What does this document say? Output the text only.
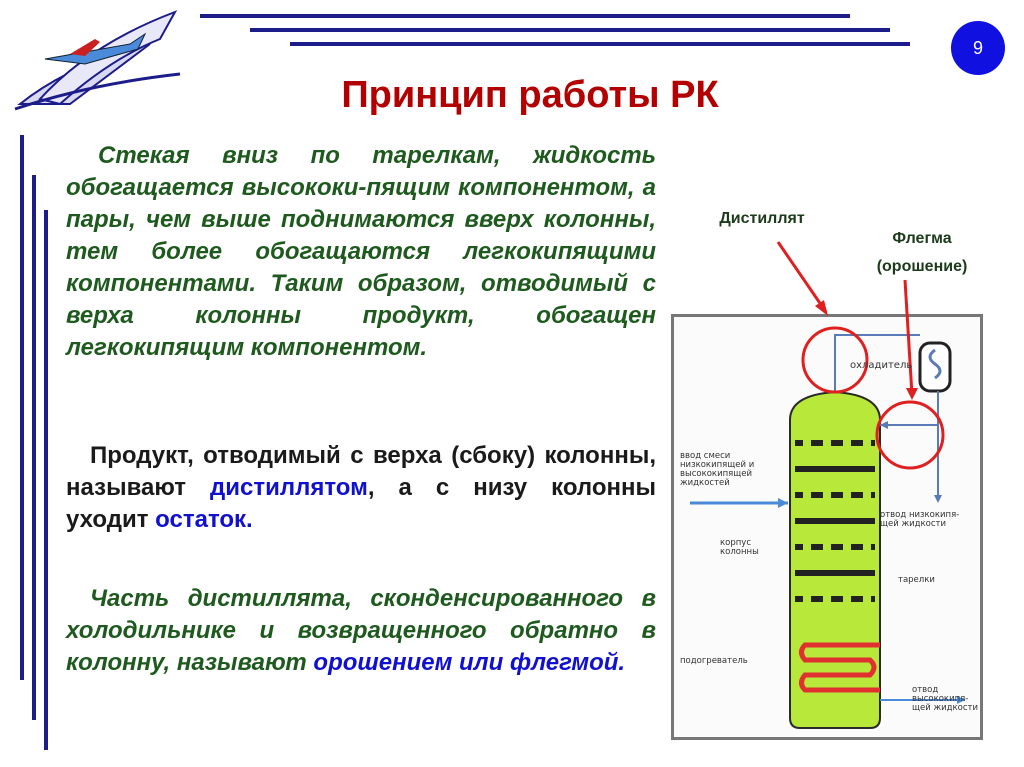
9
Принцип работы РК
Стекая вниз по тарелкам, жидкость обогащается высококи-пящим компонентом, а пары, чем выше поднимаются вверх колонны, тем более обогащаются легкокипящими компонентами. Таким образом, отводимый с верха колонны продукт, обогащен легкокипящим компонентом.
Продукт, отводимый с верха (сбоку) колонны, называют дистиллятом, а с низу колонны уходит остаток.
Часть дистиллята, сконденсированного в холодильнике и возвращенного обратно в колонну, называют орошением или флегмой.
Дистиллят
Флегма
(орошение)
охладитель
ввод смеси
низкокипящей и
высококипящей
жидкостей
корпус
колонны
тарелки
подогреватель
отвод низкокипя-
щей жидкости
отвод
высококипя-
щей жидкости
